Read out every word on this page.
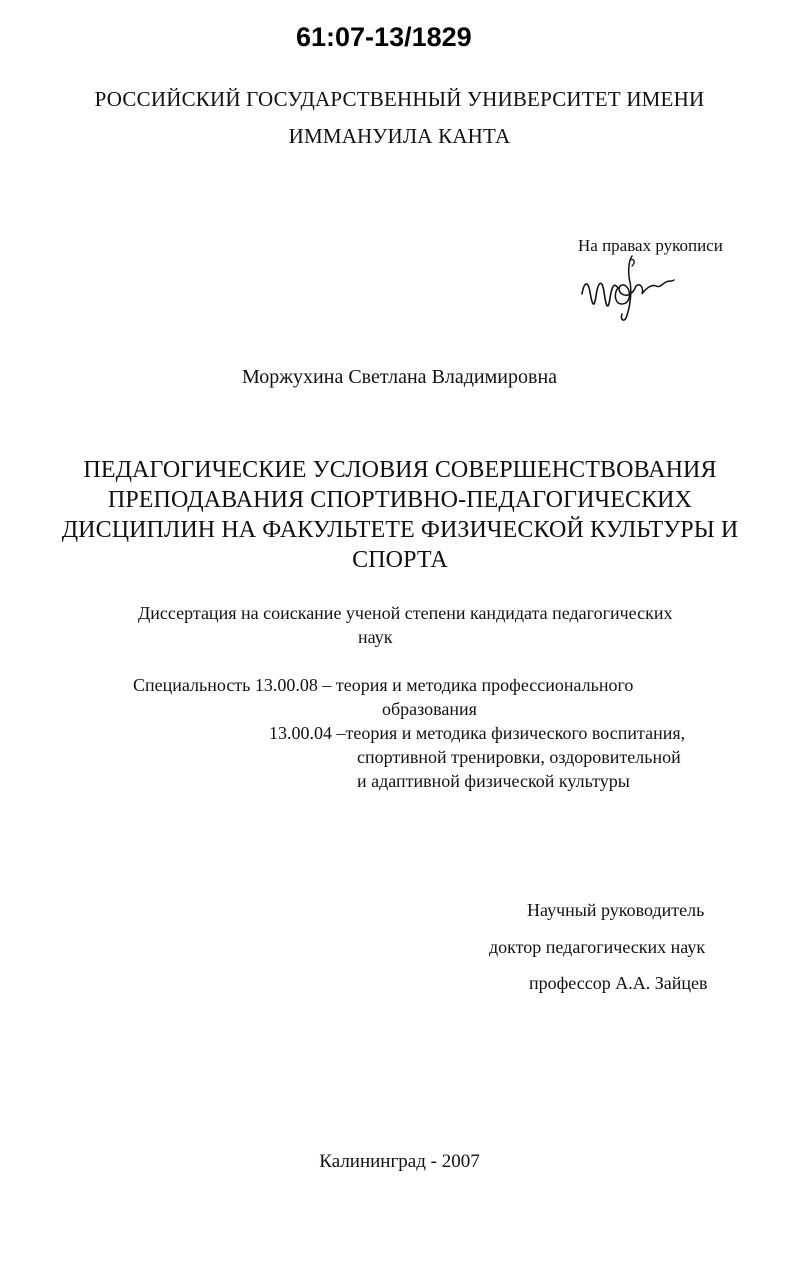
61:07-13/1829
РОССИЙСКИЙ ГОСУДАРСТВЕННЫЙ УНИВЕРСИТЕТ ИМЕНИ
ИММАНУИЛА КАНТА
На правах рукописи
Моржухина Светлана Владимировна
ПЕДАГОГИЧЕСКИЕ УСЛОВИЯ СОВЕРШЕНСТВОВАНИЯ
ПРЕПОДАВАНИЯ СПОРТИВНО-ПЕДАГОГИЧЕСКИХ
ДИСЦИПЛИН НА ФАКУЛЬТЕТЕ ФИЗИЧЕСКОЙ КУЛЬТУРЫ И
СПОРТА
Диссертация на соискание ученой степени кандидата педагогических
наук
Специальность 13.00.08 – теория и методика профессионального
образования
13.00.04 –теория и методика физического воспитания,
спортивной тренировки, оздоровительной
и адаптивной физической культуры
Научный руководитель
доктор педагогических наук
профессор А.А. Зайцев
Калининград - 2007
